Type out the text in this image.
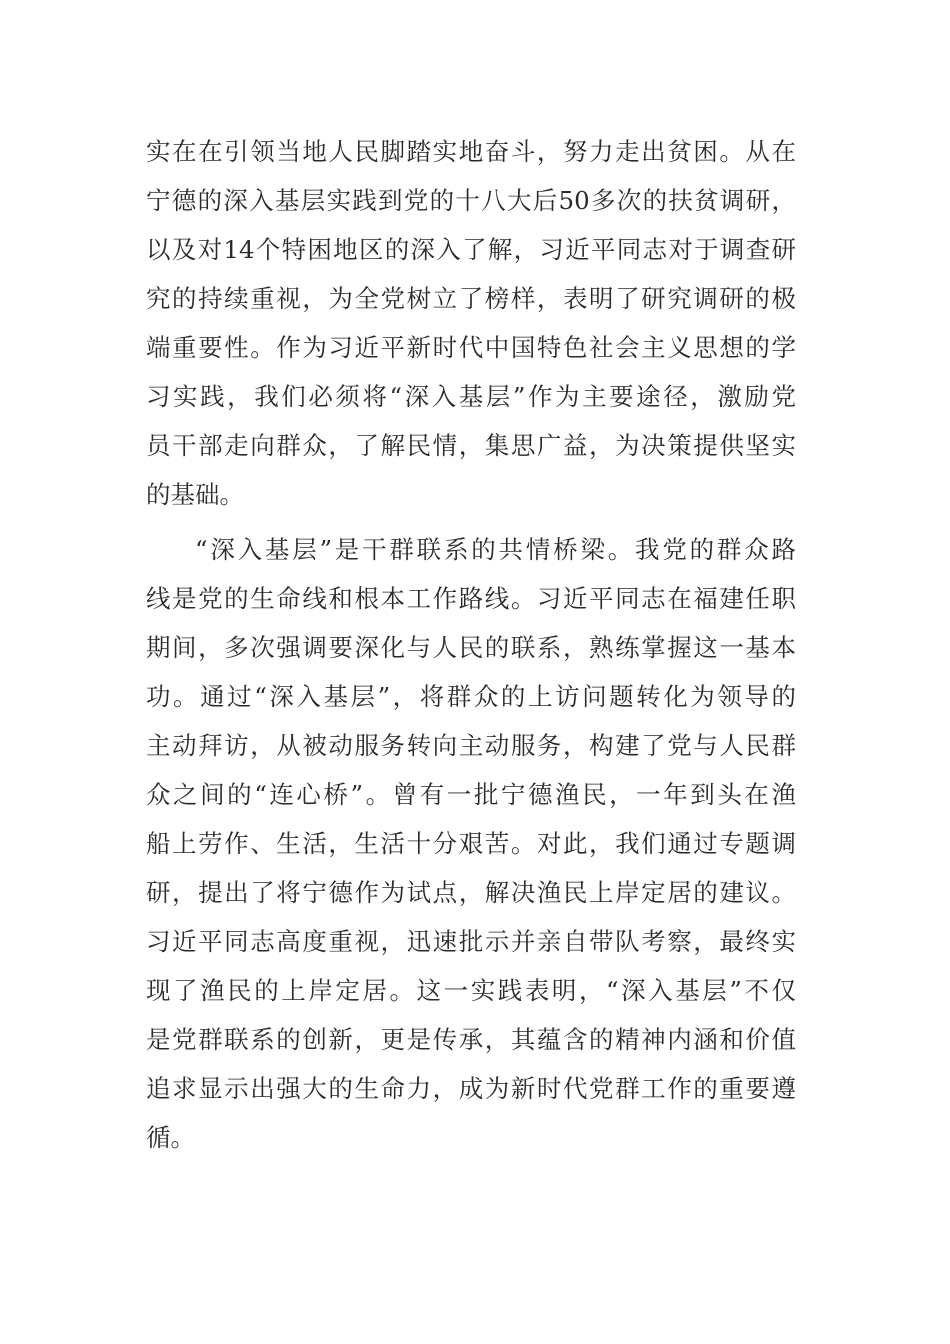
实在在引领当地人民脚踏实地奋斗，努力走出贫困。从在
宁德的深入基层实践到党的十八大后50多次的扶贫调研，
以及对14个特困地区的深入了解，习近平同志对于调查研
究的持续重视，为全党树立了榜样，表明了研究调研的极
端重要性。作为习近平新时代中国特色社会主义思想的学
习实践，我们必须将“深入基层”作为主要途径，激励党
员干部走向群众，了解民情，集思广益，为决策提供坚实
的基础。
“深入基层”是干群联系的共情桥梁。我党的群众路
线是党的生命线和根本工作路线。习近平同志在福建任职
期间，多次强调要深化与人民的联系，熟练掌握这一基本
功。通过“深入基层”，将群众的上访问题转化为领导的
主动拜访，从被动服务转向主动服务，构建了党与人民群
众之间的“连心桥”。曾有一批宁德渔民，一年到头在渔
船上劳作、生活，生活十分艰苦。对此，我们通过专题调
研，提出了将宁德作为试点，解决渔民上岸定居的建议。
习近平同志高度重视，迅速批示并亲自带队考察，最终实
现了渔民的上岸定居。这一实践表明，“深入基层”不仅
是党群联系的创新，更是传承，其蕴含的精神内涵和价值
追求显示出强大的生命力，成为新时代党群工作的重要遵
循。
